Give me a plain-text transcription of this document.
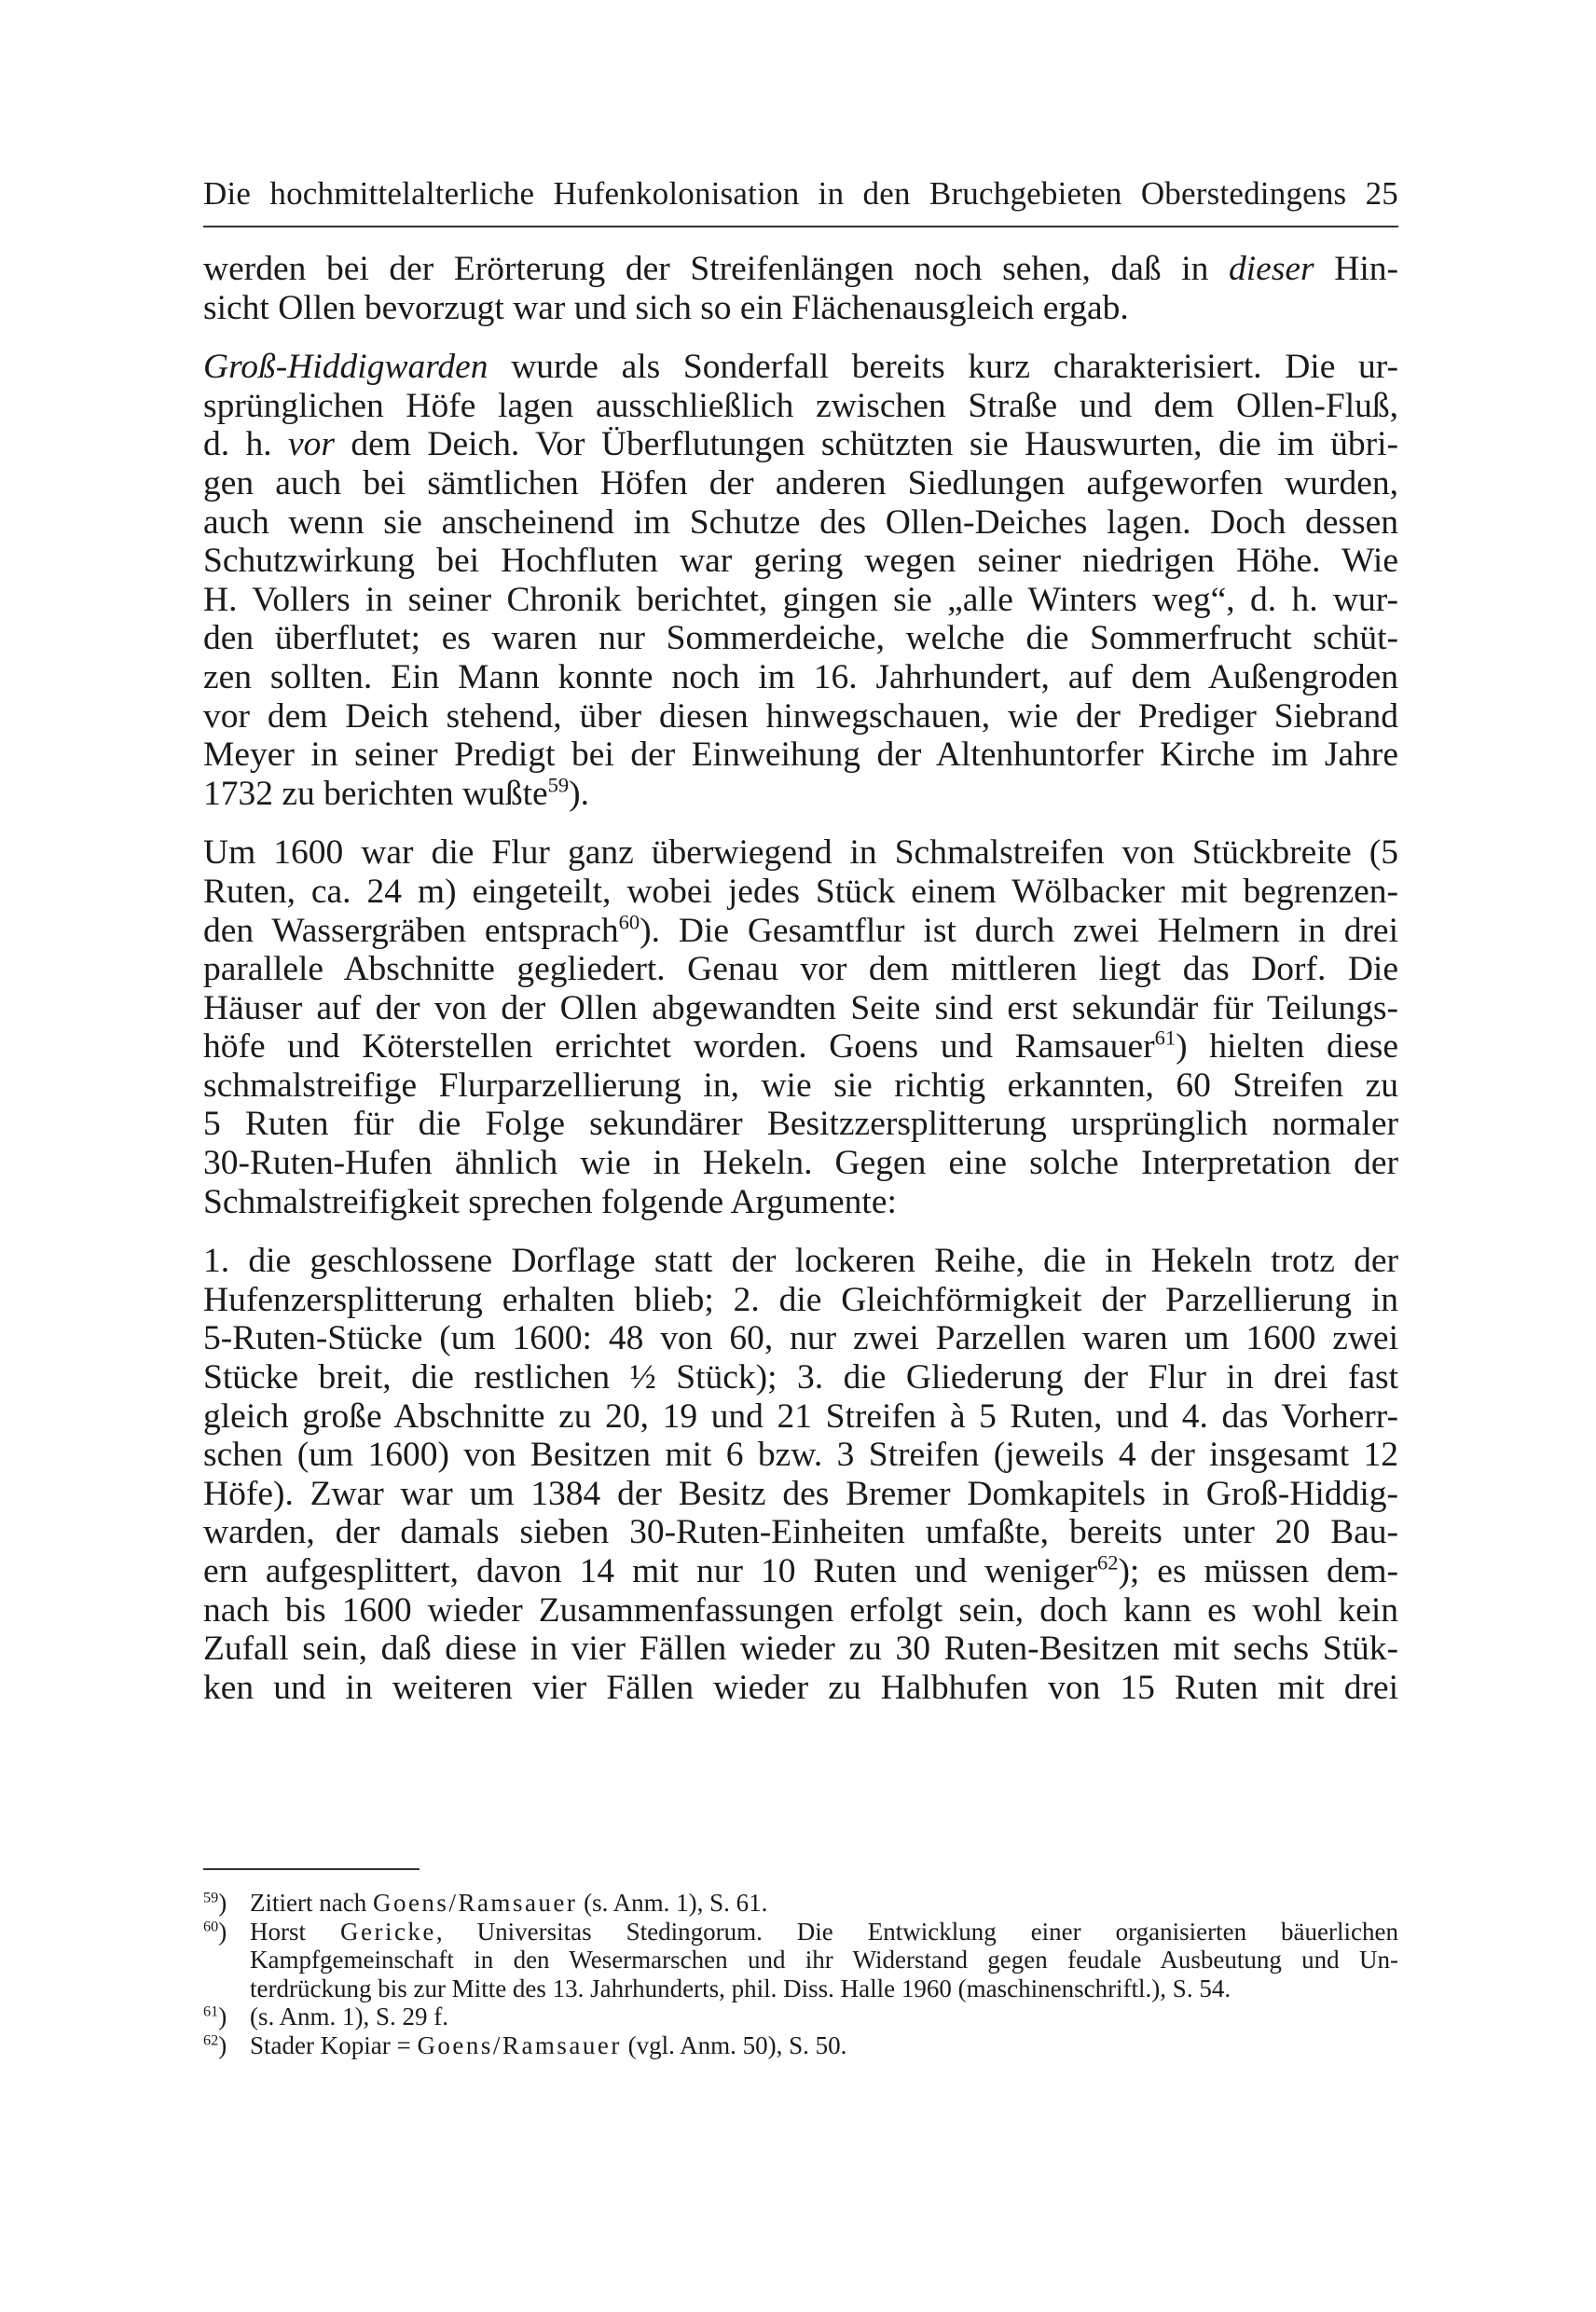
Die hochmittelalterliche Hufenkolonisation in den Bruchgebieten Oberstedingens 25

werden bei der Erörterung der Streifenlängen noch sehen, daß in dieser Hin-
sicht Ollen bevorzugt war und sich so ein Flächenausgleich ergab.

Groß-Hiddigwarden wurde als Sonderfall bereits kurz charakterisiert. Die ur-
sprünglichen Höfe lagen ausschließlich zwischen Straße und dem Ollen-Fluß,
d. h. vor dem Deich. Vor Überflutungen schützten sie Hauswurten, die im übri-
gen auch bei sämtlichen Höfen der anderen Siedlungen aufgeworfen wurden,
auch wenn sie anscheinend im Schutze des Ollen-Deiches lagen. Doch dessen
Schutzwirkung bei Hochfluten war gering wegen seiner niedrigen Höhe. Wie
H. Vollers in seiner Chronik berichtet, gingen sie „alle Winters weg“, d. h. wur-
den überflutet; es waren nur Sommerdeiche, welche die Sommerfrucht schüt-
zen sollten. Ein Mann konnte noch im 16. Jahrhundert, auf dem Außengroden
vor dem Deich stehend, über diesen hinwegschauen, wie der Prediger Siebrand
Meyer in seiner Predigt bei der Einweihung der Altenhuntorfer Kirche im Jahre
1732 zu berichten wußte$^{59}$).

Um 1600 war die Flur ganz überwiegend in Schmalstreifen von Stückbreite (5
Ruten, ca. 24 m) eingeteilt, wobei jedes Stück einem Wölbacker mit begrenzen-
den Wassergräben entsprach$^{60}$). Die Gesamtflur ist durch zwei Helmern in drei
parallele Abschnitte gegliedert. Genau vor dem mittleren liegt das Dorf. Die
Häuser auf der von der Ollen abgewandten Seite sind erst sekundär für Teilungs-
höfe und Köterstellen errichtet worden. Goens und Ramsauer$^{61}$) hielten diese
schmalstreifige Flurparzellierung in, wie sie richtig erkannten, 60 Streifen zu
5 Ruten für die Folge sekundärer Besitzzersplitterung ursprünglich normaler
30-Ruten-Hufen ähnlich wie in Hekeln. Gegen eine solche Interpretation der
Schmalstreifigkeit sprechen folgende Argumente:

1. die geschlossene Dorflage statt der lockeren Reihe, die in Hekeln trotz der
Hufenzersplitterung erhalten blieb; 2. die Gleichförmigkeit der Parzellierung in
5-Ruten-Stücke (um 1600: 48 von 60, nur zwei Parzellen waren um 1600 zwei
Stücke breit, die restlichen ½ Stück); 3. die Gliederung der Flur in drei fast
gleich große Abschnitte zu 20, 19 und 21 Streifen à 5 Ruten, und 4. das Vorherr-
schen (um 1600) von Besitzen mit 6 bzw. 3 Streifen (jeweils 4 der insgesamt 12
Höfe). Zwar war um 1384 der Besitz des Bremer Domkapitels in Groß-Hiddig-
warden, der damals sieben 30-Ruten-Einheiten umfaßte, bereits unter 20 Bau-
ern aufgesplittert, davon 14 mit nur 10 Ruten und weniger$^{62}$); es müssen dem-
nach bis 1600 wieder Zusammenfassungen erfolgt sein, doch kann es wohl kein
Zufall sein, daß diese in vier Fällen wieder zu 30 Ruten-Besitzen mit sechs Stük-
ken und in weiteren vier Fällen wieder zu Halbhufen von 15 Ruten mit drei

$^{59}$) Zitiert nach Goens/Ramsauer (s. Anm. 1), S. 61.
$^{60}$) Horst Gericke, Universitas Stedingorum. Die Entwicklung einer organisierten bäuerlichen
Kampfgemeinschaft in den Wesermarschen und ihr Widerstand gegen feudale Ausbeutung und Un-
terdrückung bis zur Mitte des 13. Jahrhunderts, phil. Diss. Halle 1960 (maschinenschriftl.), S. 54.
$^{61}$) (s. Anm. 1), S. 29 f.
$^{62}$) Stader Kopiar = Goens/Ramsauer (vgl. Anm. 50), S. 50.
